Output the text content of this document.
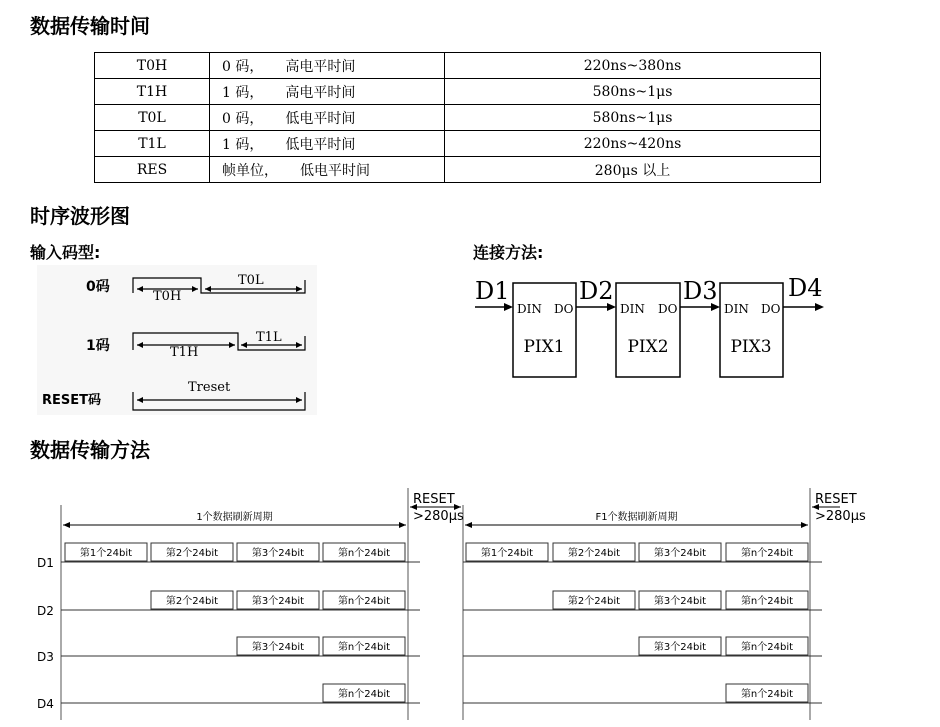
数据传输时间
T0H	0 码， 高电平时间	220ns~380ns
T1H	1 码， 高电平时间	580ns~1μs
T0L	0 码， 低电平时间	580ns~1μs
T1L	1 码， 低电平时间	220ns~420ns
RES	帧单位， 低电平时间	280μs 以上
时序波形图
输入码型:	连接方法:
数据传输方法
0码
1码
RESET码
T0H
T0L
T1H
T1L
Treset
D1	D2	D3	D4
DIN DO	DIN DO	DIN DO
PIX1	PIX2	PIX3
1个数据刷新周期
D1
第1个24bit	第2个24bit	第3个24bit	第n个24bit
D2
第2个24bit	第3个24bit	第n个24bit
D3
第3个24bit	第n个24bit
D4
第n个24bit
F1个数据刷新周期
第1个24bit	第2个24bit	第3个24bit	第n个24bit
第2个24bit	第3个24bit	第n个24bit
第3个24bit	第n个24bit
第n个24bit
RESET
>280μs
RESET
>280μs
